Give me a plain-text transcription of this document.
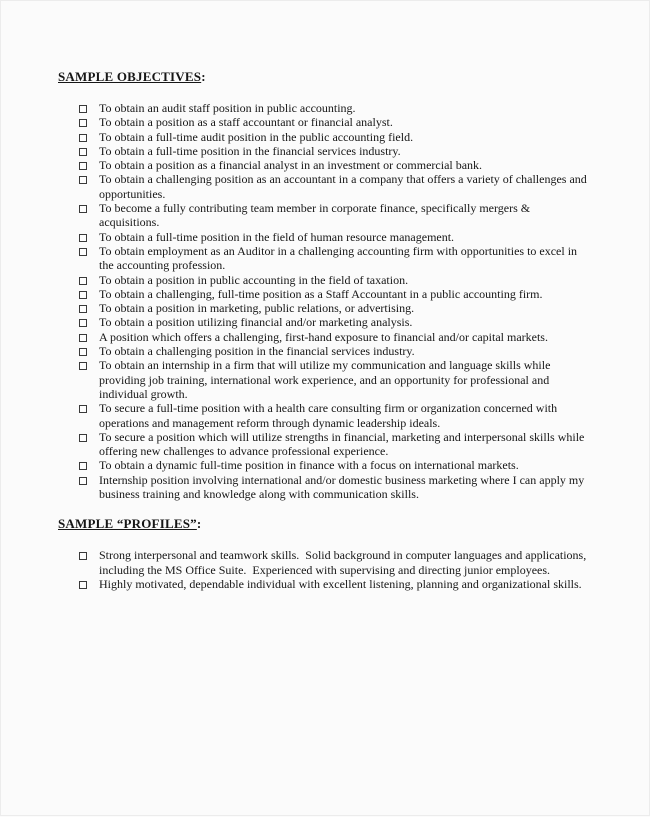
SAMPLE OBJECTIVES:
To obtain an audit staff position in public accounting.
To obtain a position as a staff accountant or financial analyst.
To obtain a full-time audit position in the public accounting field.
To obtain a full-time position in the financial services industry.
To obtain a position as a financial analyst in an investment or commercial bank.
To obtain a challenging position as an accountant in a company that offers a variety of challenges and opportunities.
To become a fully contributing team member in corporate finance, specifically mergers & acquisitions.
To obtain a full-time position in the field of human resource management.
To obtain employment as an Auditor in a challenging accounting firm with opportunities to excel in the accounting profession.
To obtain a position in public accounting in the field of taxation.
To obtain a challenging, full-time position as a Staff Accountant in a public accounting firm.
To obtain a position in marketing, public relations, or advertising.
To obtain a position utilizing financial and/or marketing analysis.
A position which offers a challenging, first-hand exposure to financial and/or capital markets.
To obtain a challenging position in the financial services industry.
To obtain an internship in a firm that will utilize my communication and language skills while providing job training, international work experience, and an opportunity for professional and individual growth.
To secure a full-time position with a health care consulting firm or organization concerned with operations and management reform through dynamic leadership ideals.
To secure a position which will utilize strengths in financial, marketing and interpersonal skills while offering new challenges to advance professional experience.
To obtain a dynamic full-time position in finance with a focus on international markets.
Internship position involving international and/or domestic business marketing where I can apply my business training and knowledge along with communication skills.
SAMPLE “PROFILES”:
Strong interpersonal and teamwork skills.  Solid background in computer languages and applications, including the MS Office Suite.  Experienced with supervising and directing junior employees.
Highly motivated, dependable individual with excellent listening, planning and organizational skills.
